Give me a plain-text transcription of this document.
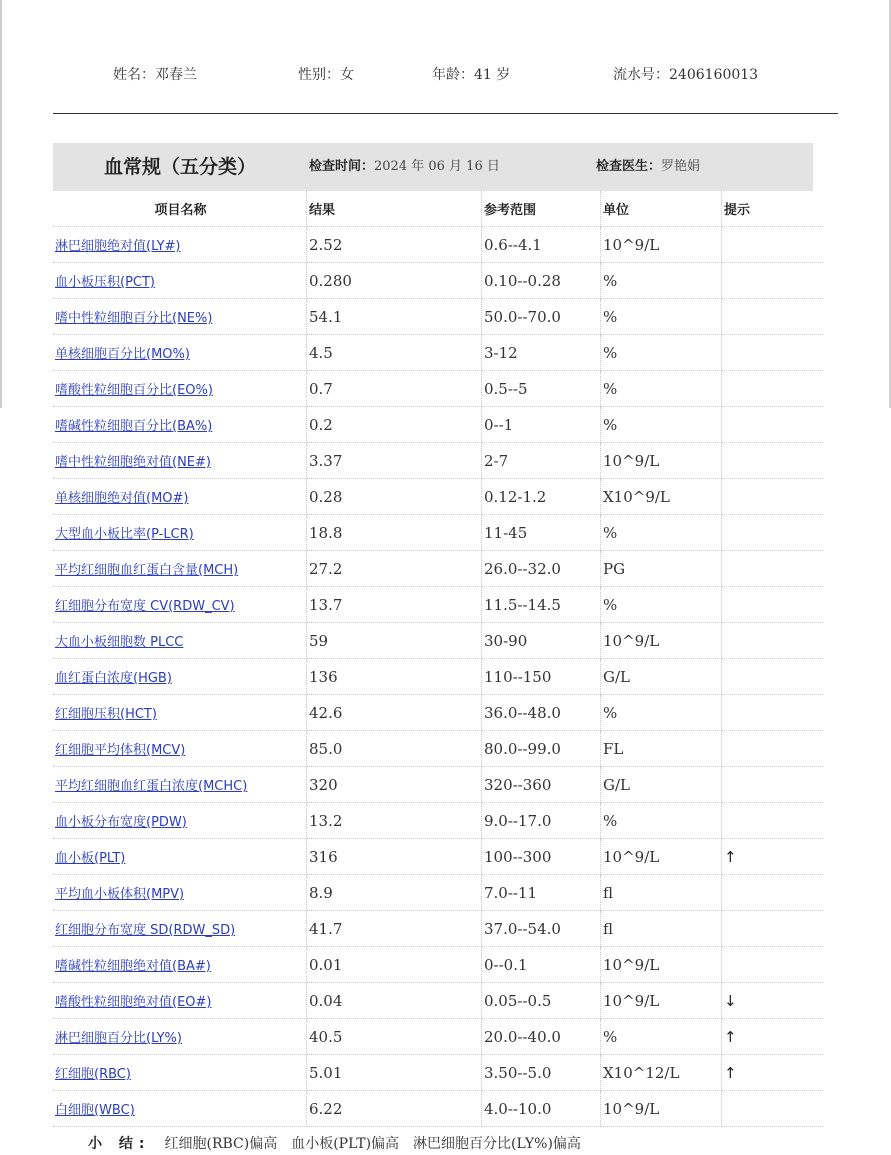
姓名：邓春兰	性别：女	年龄：41 岁	流水号：2406160013
血常规（五分类）	检查时间：2024 年 06 月 16 日	检查医生：罗艳娟
项目名称	结果	参考范围	单位	提示
淋巴细胞绝对值(LY#)	2.52	0.6--4.1	10^9/L	
血小板压积(PCT)	0.280	0.10--0.28	%	
嗜中性粒细胞百分比(NE%)	54.1	50.0--70.0	%	
单核细胞百分比(MO%)	4.5	3-12	%	
嗜酸性粒细胞百分比(EO%)	0.7	0.5--5	%	
嗜碱性粒细胞百分比(BA%)	0.2	0--1	%	
嗜中性粒细胞绝对值(NE#)	3.37	2-7	10^9/L	
单核细胞绝对值(MO#)	0.28	0.12-1.2	X10^9/L	
大型血小板比率(P-LCR)	18.8	11-45	%	
平均红细胞血红蛋白含量(MCH)	27.2	26.0--32.0	PG	
红细胞分布宽度 CV(RDW_CV)	13.7	11.5--14.5	%	
大血小板细胞数 PLCC	59	30-90	10^9/L	
血红蛋白浓度(HGB)	136	110--150	G/L	
红细胞压积(HCT)	42.6	36.0--48.0	%	
红细胞平均体积(MCV)	85.0	80.0--99.0	FL	
平均红细胞血红蛋白浓度(MCHC)	320	320--360	G/L	
血小板分布宽度(PDW)	13.2	9.0--17.0	%	
血小板(PLT)	316	100--300	10^9/L	↑
平均血小板体积(MPV)	8.9	7.0--11	fl	
红细胞分布宽度 SD(RDW_SD)	41.7	37.0--54.0	fl	
嗜碱性粒细胞绝对值(BA#)	0.01	0--0.1	10^9/L	
嗜酸性粒细胞绝对值(EO#)	0.04	0.05--0.5	10^9/L	↓
淋巴细胞百分比(LY%)	40.5	20.0--40.0	%	↑
红细胞(RBC)	5.01	3.50--5.0	X10^12/L	↑
白细胞(WBC)	6.22	4.0--10.0	10^9/L	
小 结: 红细胞(RBC)偏高　血小板(PLT)偏高　淋巴细胞百分比(LY%)偏高
